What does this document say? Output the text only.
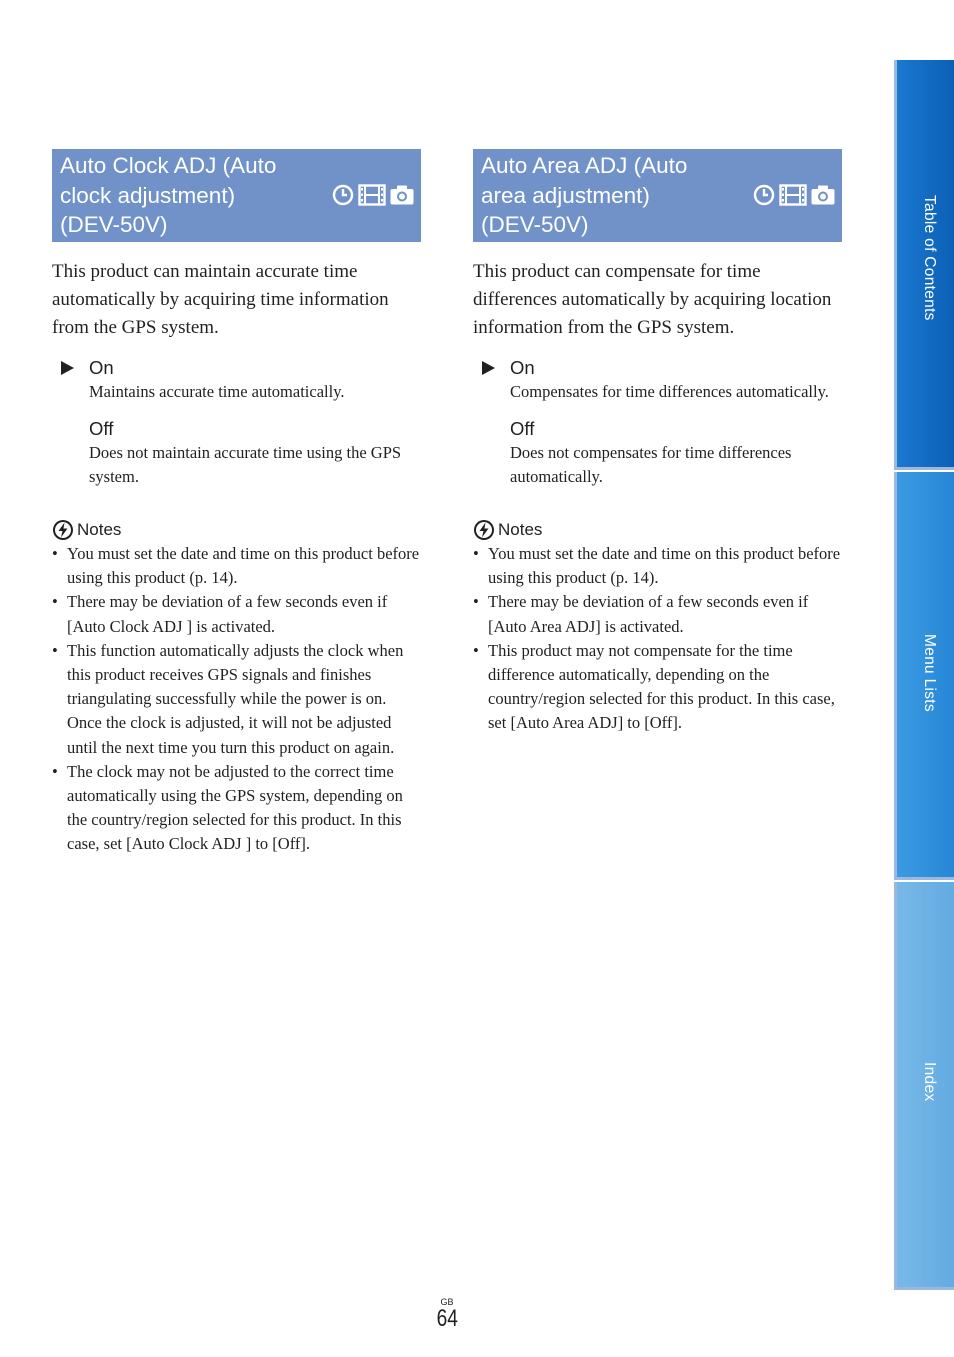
Auto Clock ADJ (Auto
clock adjustment)
(DEV-50V)

This product can maintain accurate time automatically by acquiring time information from the GPS system.

On
Maintains accurate time automatically.
Off
Does not maintain accurate time using the GPS system.
Notes
• You must set the date and time on this product before using this product (p. 14).
• There may be deviation of a few seconds even if [Auto Clock ADJ ] is activated.
• This function automatically adjusts the clock when this product receives GPS signals and finishes triangulating successfully while the power is on. Once the clock is adjusted, it will not be adjusted until the next time you turn this product on again.
• The clock may not be adjusted to the correct time automatically using the GPS system, depending on the country/region selected for this product. In this case, set [Auto Clock ADJ ] to [Off].
Auto Area ADJ (Auto
area adjustment)
(DEV-50V)

This product can compensate for time differences automatically by acquiring location information from the GPS system.

On
Compensates for time differences automatically.
Off
Does not compensates for time differences automatically.
Notes
• You must set the date and time on this product before using this product (p. 14).
• There may be deviation of a few seconds even if [Auto Area ADJ] is activated.
• This product may not compensate for the time difference automatically, depending on the country/region selected for this product. In this case, set [Auto Area ADJ] to [Off].
Table of Contents
Menu Lists
Index
GB
64
